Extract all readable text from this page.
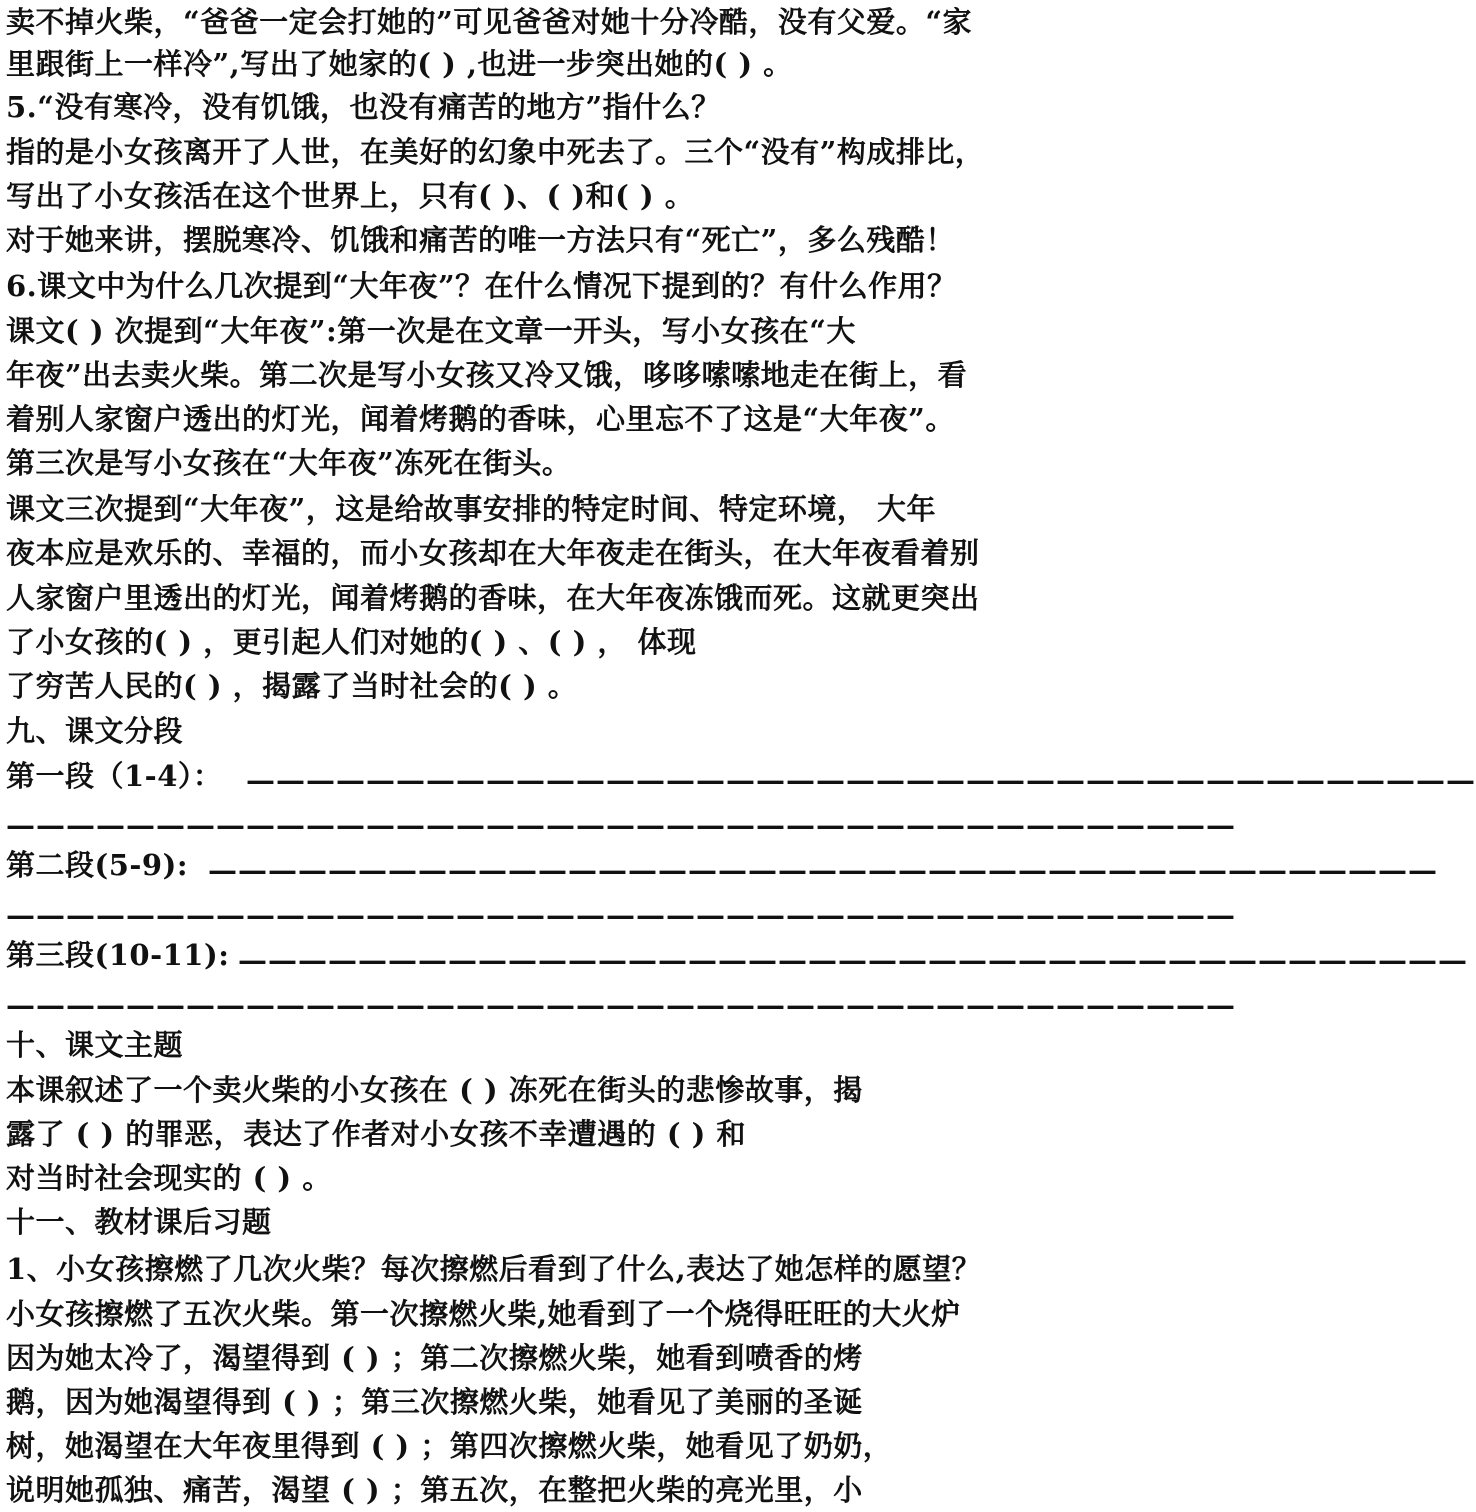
卖不掉火柴，“爸爸一定会打她的”可见爸爸对她十分冷酷，没有父爱。“家
里跟街上一样冷”,写出了她家的( ) ,也进一步突出她的( ) 。
5.“没有寒冷，没有饥饿，也没有痛苦的地方”指什么？
指的是小女孩离开了人世，在美好的幻象中死去了。三个“没有”构成排比，
写出了小女孩活在这个世界上，只有( )、( )和( ) 。
对于她来讲，摆脱寒冷、饥饿和痛苦的唯一方法只有“死亡”，多么残酷！
6.课文中为什么几次提到“大年夜”？在什么情况下提到的？有什么作用？
课文( ) 次提到“大年夜”:第一次是在文章一开头，写小女孩在“大
年夜”出去卖火柴。第二次是写小女孩又冷又饿，哆哆嗦嗦地走在街上，看
着别人家窗户透出的灯光，闻着烤鹅的香味，心里忘不了这是“大年夜”。
第三次是写小女孩在“大年夜”冻死在街头。
课文三次提到“大年夜”，这是给故事安排的特定时间、特定环境， 大年
夜本应是欢乐的、幸福的，而小女孩却在大年夜走在街头，在大年夜看着别
人家窗户里透出的灯光，闻着烤鹅的香味，在大年夜冻饿而死。这就更突出
了小女孩的( ) ，更引起人们对她的( ) 、( ) ， 体现
了穷苦人民的( ) ，揭露了当时社会的( ) 。
九、课文分段
第一段（1-4）： —————————————————————————————————————————
—————————————————————————————————————————
第二段(5-9): —————————————————————————————————————————
—————————————————————————————————————————
第三段(10-11): —————————————————————————————————————————
—————————————————————————————————————————
十、课文主题
本课叙述了一个卖火柴的小女孩在 ( ) 冻死在街头的悲惨故事，揭
露了 ( ) 的罪恶，表达了作者对小女孩不幸遭遇的 ( ) 和
对当时社会现实的 ( ) 。
十一、教材课后习题
1、小女孩擦燃了几次火柴？每次擦燃后看到了什么,表达了她怎样的愿望？
小女孩擦燃了五次火柴。第一次擦燃火柴,她看到了一个烧得旺旺的大火炉
因为她太冷了，渴望得到 ( ) ；第二次擦燃火柴，她看到喷香的烤
鹅，因为她渴望得到 ( ) ；第三次擦燃火柴，她看见了美丽的圣诞
树，她渴望在大年夜里得到 ( ) ；第四次擦燃火柴，她看见了奶奶，
说明她孤独、痛苦，渴望 ( ) ；第五次，在整把火柴的亮光里，小
